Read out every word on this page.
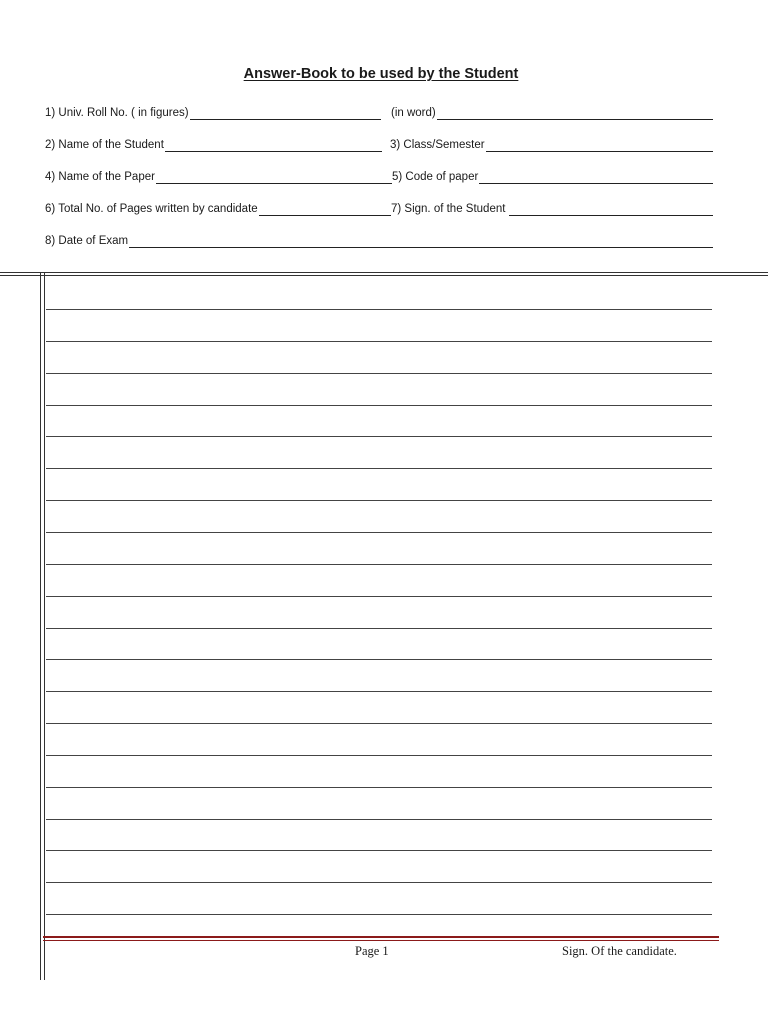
Answer-Book to be used by the Student
1) Univ. Roll No. ( in figures)	(in word)
2) Name of the Student	3) Class/Semester
4) Name of the Paper	5) Code of paper
6) Total No. of Pages written by candidate	7) Sign. of the Student
8) Date of Exam
Page 1	Sign. Of the candidate.
